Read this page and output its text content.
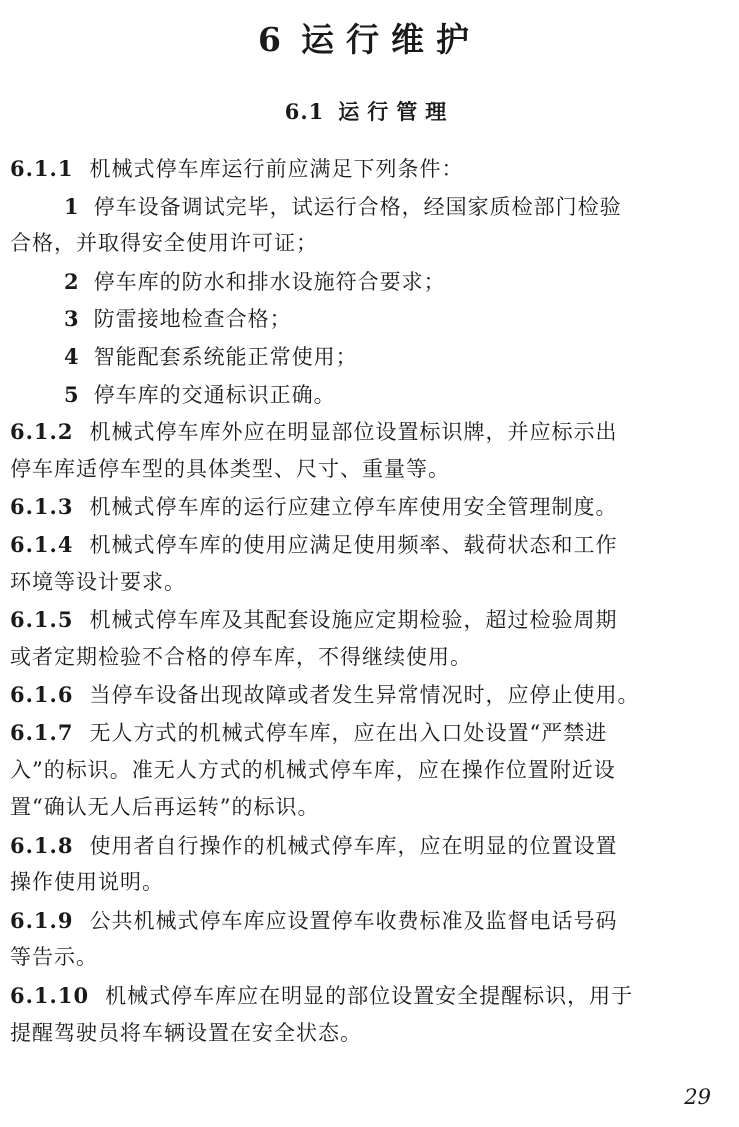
6 运行维护
6.1 运行管理
6.1.1 机械式停车库运行前应满足下列条件：
1 停车设备调试完毕，试运行合格，经国家质检部门检验
合格，并取得安全使用许可证；
2 停车库的防水和排水设施符合要求；
3 防雷接地检查合格；
4 智能配套系统能正常使用；
5 停车库的交通标识正确。
6.1.2 机械式停车库外应在明显部位设置标识牌，并应标示出
停车库适停车型的具体类型、尺寸、重量等。
6.1.3 机械式停车库的运行应建立停车库使用安全管理制度。
6.1.4 机械式停车库的使用应满足使用频率、载荷状态和工作
环境等设计要求。
6.1.5 机械式停车库及其配套设施应定期检验，超过检验周期
或者定期检验不合格的停车库，不得继续使用。
6.1.6 当停车设备出现故障或者发生异常情况时，应停止使用。
6.1.7 无人方式的机械式停车库，应在出入口处设置“严禁进
入”的标识。准无人方式的机械式停车库，应在操作位置附近设
置“确认无人后再运转”的标识。
6.1.8 使用者自行操作的机械式停车库，应在明显的位置设置
操作使用说明。
6.1.9 公共机械式停车库应设置停车收费标准及监督电话号码
等告示。
6.1.10 机械式停车库应在明显的部位设置安全提醒标识，用于
提醒驾驶员将车辆设置在安全状态。
29
